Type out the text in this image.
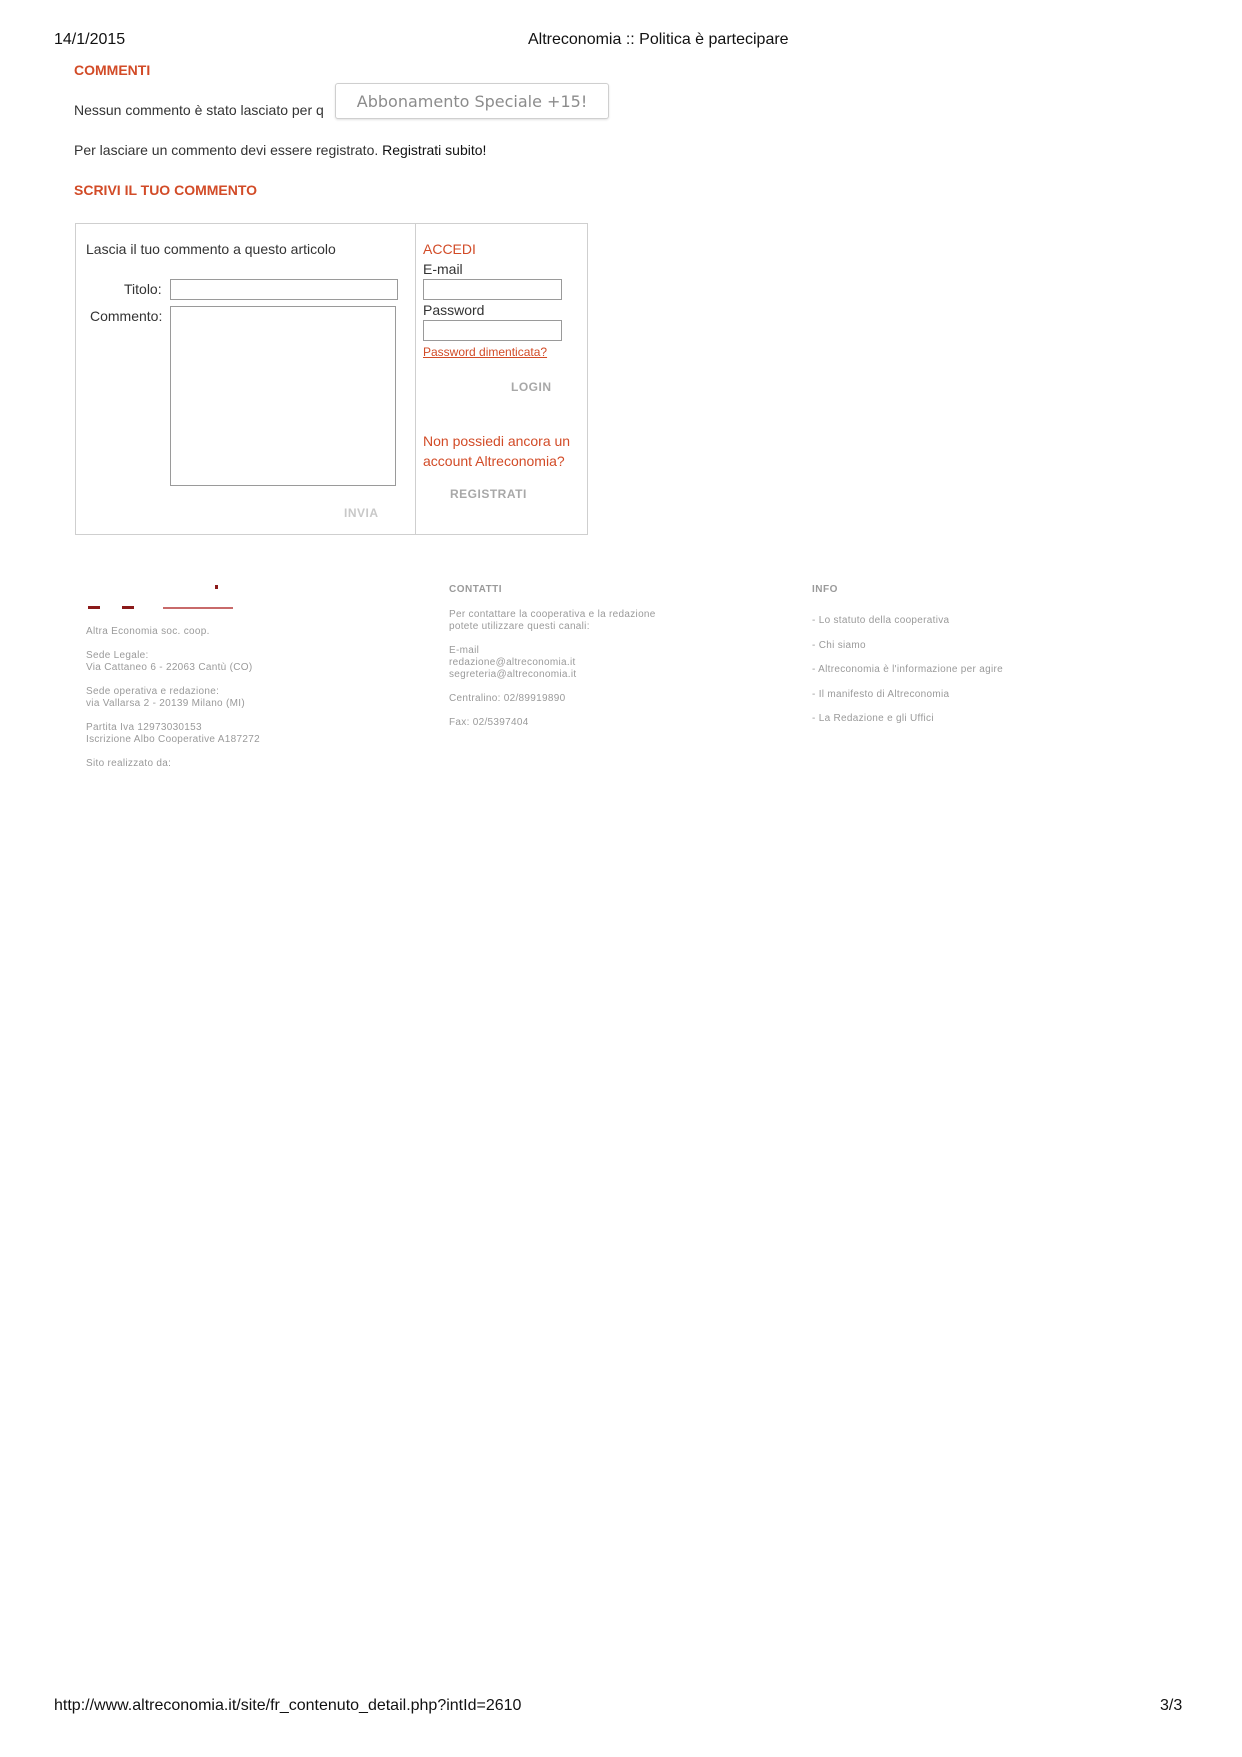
14/1/2015	Altreconomia :: Politica è partecipare
COMMENTI
Nessun commento è stato lasciato per q	Abbonamento Speciale +15!
Per lasciare un commento devi essere registrato. Registrati subito!
SCRIVI IL TUO COMMENTO
Lascia il tuo commento a questo articolo
Titolo:
Commento:
INVIA
ACCEDI
E-mail
Password
Password dimenticata?
LOGIN
Non possiedi ancora un
account Altreconomia?
REGISTRATI
Altra Economia soc. coop.
Sede Legale:
Via Cattaneo 6 - 22063 Cantù (CO)
Sede operativa e redazione:
via Vallarsa 2 - 20139 Milano (MI)
Partita Iva 12973030153
Iscrizione Albo Cooperative A187272
Sito realizzato da:
CONTATTI
Per contattare la cooperativa e la redazione
potete utilizzare questi canali:
E-mail
redazione@altreconomia.it
segreteria@altreconomia.it
Centralino: 02/89919890
Fax: 02/5397404
INFO
- Lo statuto della cooperativa
- Chi siamo
- Altreconomia è l'informazione per agire
- Il manifesto di Altreconomia
- La Redazione e gli Uffici
http://www.altreconomia.it/site/fr_contenuto_detail.php?intId=2610	3/3
